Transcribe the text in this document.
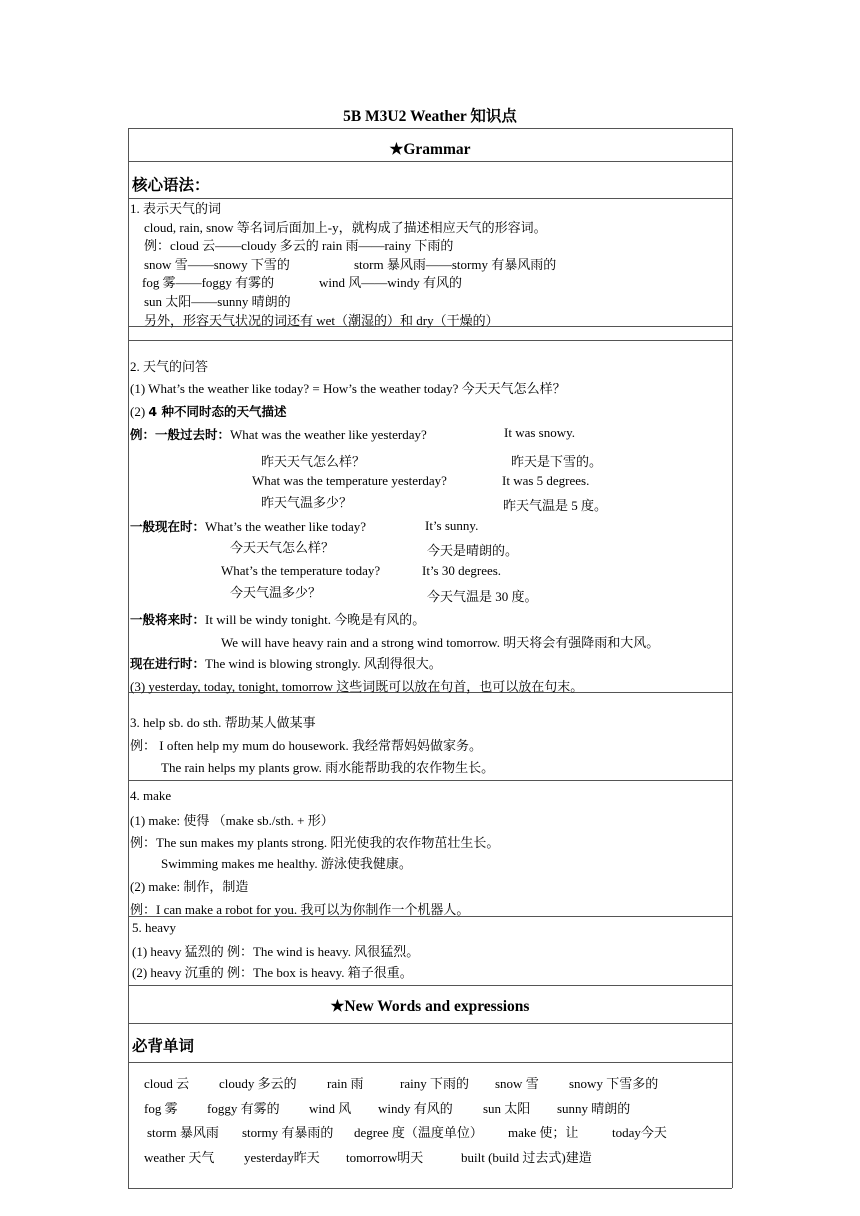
5B M3U2 Weather 知识点
★Grammar
核心语法：
1. 表示天气的词
cloud, rain, snow 等名词后面加上-y，就构成了描述相应天气的形容词。
例：cloud 云——cloudy 多云的 rain 雨——rainy 下雨的
snow 雪——snowy 下雪的	storm 暴风雨——stormy 有暴风雨的
fog 雾——foggy 有雾的	wind 风——windy 有风的
sun 太阳——sunny 晴朗的
另外，形容天气状况的词还有 wet（潮湿的）和 dry（干燥的）
2. 天气的问答
(1) What’s the weather like today? = How’s the weather today? 今天天气怎么样？
(2) 4 种不同时态的天气描述
例：一般过去时：What was the weather like yesterday?	It was snowy.
昨天天气怎么样？	昨天是下雪的。
What was the temperature yesterday?	It was 5 degrees.
昨天气温多少？	昨天气温是 5 度。
一般现在时：What’s the weather like today?	It’s sunny.
今天天气怎么样？	今天是晴朗的。
What’s the temperature today?	It’s 30 degrees.
今天气温多少？	今天气温是 30 度。
一般将来时：It will be windy tonight. 今晚是有风的。
We will have heavy rain and a strong wind tomorrow. 明天将会有强降雨和大风。
现在进行时：The wind is blowing strongly. 风刮得很大。
(3) yesterday, today, tonight, tomorrow 这些词既可以放在句首，也可以放在句末。
3. help sb. do sth. 帮助某人做某事
例： I often help my mum do housework. 我经常帮妈妈做家务。
The rain helps my plants grow. 雨水能帮助我的农作物生长。
4. make
(1) make: 使得 （make sb./sth. + 形）
例：The sun makes my plants strong. 阳光使我的农作物茁壮生长。
Swimming makes me healthy. 游泳使我健康。
(2) make: 制作，制造
例：I can make a robot for you. 我可以为你制作一个机器人。
5. heavy
(1) heavy 猛烈的 例：The wind is heavy. 风很猛烈。
(2) heavy 沉重的 例：The box is heavy. 箱子很重。
★New Words and expressions
必背单词
cloud 云 cloudy 多云的 rain 雨	rainy 下雨的 snow 雪 snowy 下雪多的
fog 雾 foggy 有雾的 wind 风 windy 有风的 sun 太阳 sunny 晴朗的
storm 暴风雨 stormy 有暴雨的 degree 度（温度单位） make 使；让	today今天
weather 天气 yesterday昨天 tomorrow明天	built (build 过去式)建造
